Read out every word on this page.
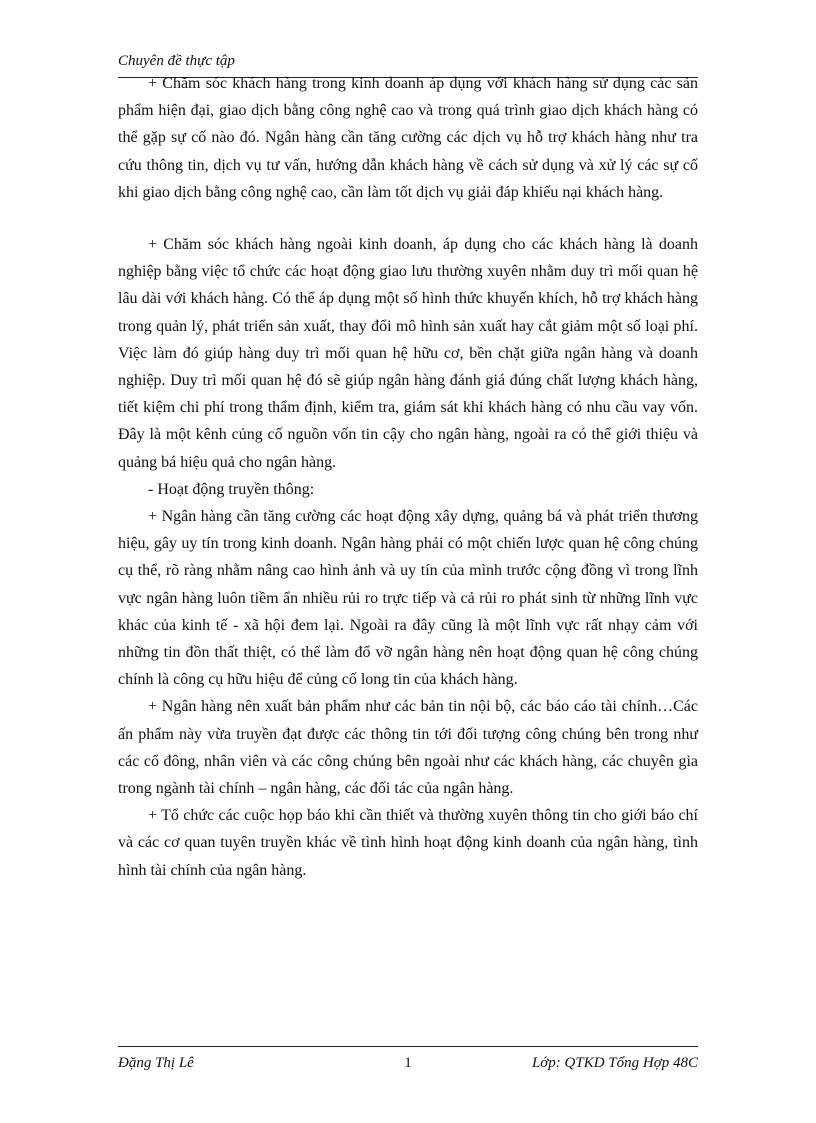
Chuyên đề thực tập

+ Chăm sóc khách hàng trong kinh doanh áp dụng với khách hàng sử dụng các sản phẩm hiện đại, giao dịch bằng công nghệ cao và trong quá trình giao dịch khách hàng có thể gặp sự cố nào đó. Ngân hàng cần tăng cường các dịch vụ hỗ trợ khách hàng như tra cứu thông tin, dịch vụ tư vấn, hướng dẫn khách hàng về cách sử dụng và xử lý các sự cố khi giao dịch bằng công nghệ cao, cần làm tốt dịch vụ giải đáp khiếu nại khách hàng.

+ Chăm sóc khách hàng ngoài kinh doanh, áp dụng cho các khách hàng là doanh nghiệp bằng việc tổ chức các hoạt động giao lưu thường xuyên nhằm duy trì mối quan hệ lâu dài với khách hàng. Có thể áp dụng một số hình thức khuyến khích, hỗ trợ khách hàng trong quản lý, phát triển sản xuất, thay đổi mô hình sản xuất hay cắt giảm một số loại phí. Việc làm đó giúp hàng duy trì mối quan hệ hữu cơ, bền chặt giữa ngân hàng và doanh nghiệp. Duy trì mối quan hệ đó sẽ giúp ngân hàng đánh giá đúng chất lượng khách hàng, tiết kiệm chi phí trong thẩm định, kiểm tra, giám sát khi khách hàng có nhu cầu vay vốn. Đây là một kênh củng cố nguồn vốn tin cậy cho ngân hàng, ngoài ra có thể giới thiệu và quảng bá hiệu quả cho ngân hàng.

- Hoạt động truyền thông:

+ Ngân hàng cần tăng cường các hoạt động xây dựng, quảng bá và phát triển thương hiệu, gây uy tín trong kinh doanh. Ngân hàng phải có một chiến lược quan hệ công chúng cụ thể, rõ ràng nhằm nâng cao hình ảnh và uy tín của mình trước cộng đồng vì trong lĩnh vực ngân hàng luôn tiềm ẩn nhiều rủi ro trực tiếp và cả rủi ro phát sinh từ những lĩnh vực khác của kinh tế - xã hội đem lại. Ngoài ra đây cũng là một lĩnh vực rất nhạy cảm với những tin đồn thất thiệt, có thể làm đổ vỡ ngân hàng nên hoạt động quan hệ công chúng chính là công cụ hữu hiệu để củng cố long tin của khách hàng.

+ Ngân hàng nên xuất bản phẩm như các bản tin nội bộ, các báo cáo tài chính…Các ấn phẩm này vừa truyền đạt được các thông tin tới đối tượng công chúng bên trong như các cổ đông, nhân viên và các công chúng bên ngoài như các khách hàng, các chuyên gia trong ngành tài chính – ngân hàng, các đối tác của ngân hàng.

+ Tổ chức các cuộc họp báo khi cần thiết và thường xuyên thông tin cho giới báo chí và các cơ quan tuyên truyền khác về tình hình hoạt động kinh doanh của ngân hàng, tình hình tài chính của ngân hàng.

Đặng Thị Lê	1	Lớp: QTKD Tổng Hợp 48C
